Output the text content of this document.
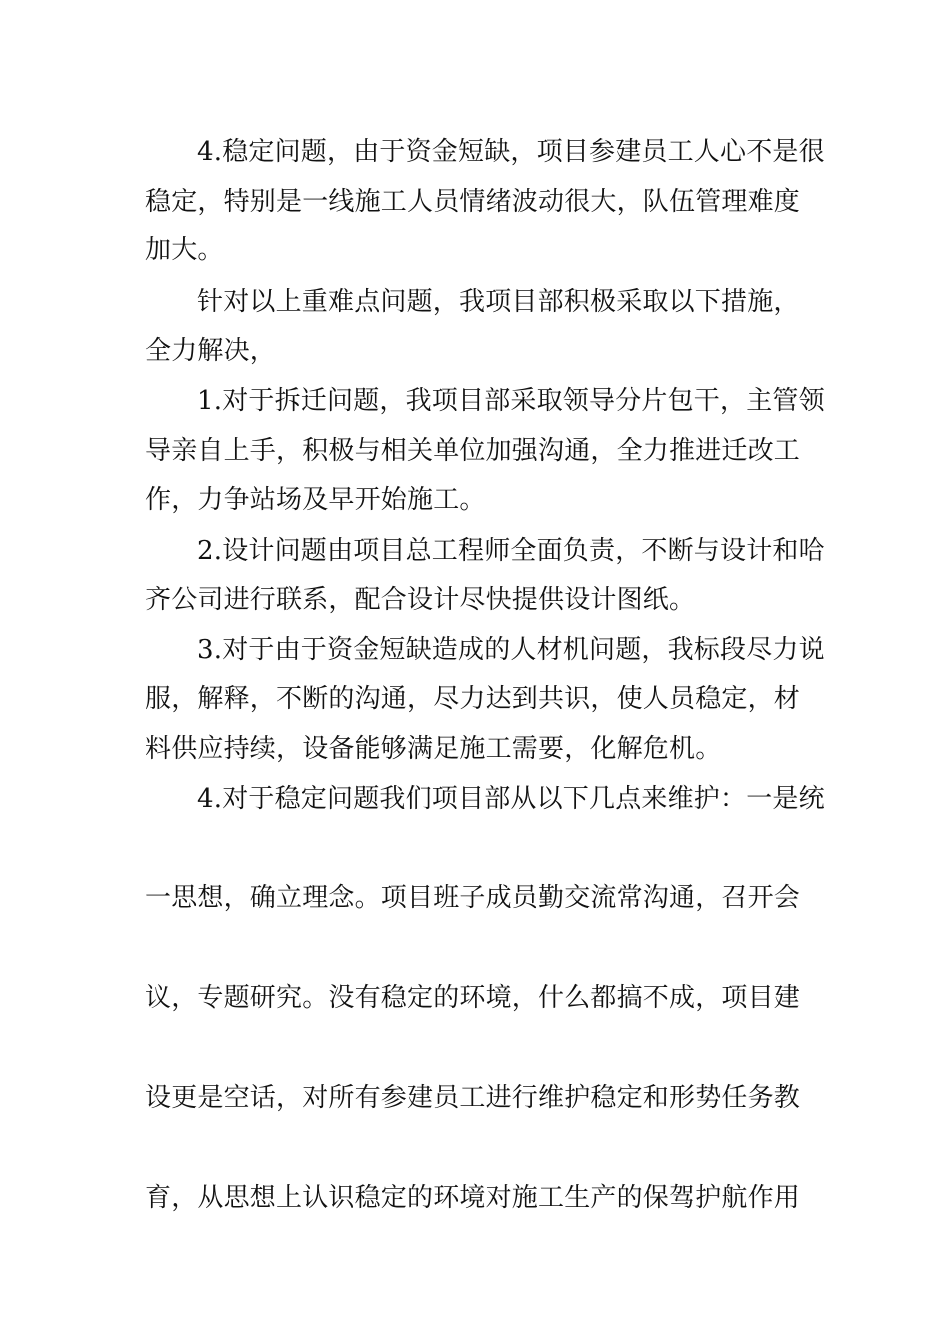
4.稳定问题，由于资金短缺，项目参建员工人心不是很
稳定，特别是一线施工人员情绪波动很大，队伍管理难度
加大。
针对以上重难点问题，我项目部积极采取以下措施，
全力解决，
1.对于拆迁问题，我项目部采取领导分片包干，主管领
导亲自上手，积极与相关单位加强沟通，全力推进迁改工
作，力争站场及早开始施工。
2.设计问题由项目总工程师全面负责，不断与设计和哈
齐公司进行联系，配合设计尽快提供设计图纸。
3.对于由于资金短缺造成的人材机问题，我标段尽力说
服，解释，不断的沟通，尽力达到共识，使人员稳定，材
料供应持续，设备能够满足施工需要，化解危机。
4.对于稳定问题我们项目部从以下几点来维护：一是统
一思想，确立理念。项目班子成员勤交流常沟通，召开会
议，专题研究。没有稳定的环境，什么都搞不成，项目建
设更是空话，对所有参建员工进行维护稳定和形势任务教
育，从思想上认识稳定的环境对施工生产的保驾护航作用
